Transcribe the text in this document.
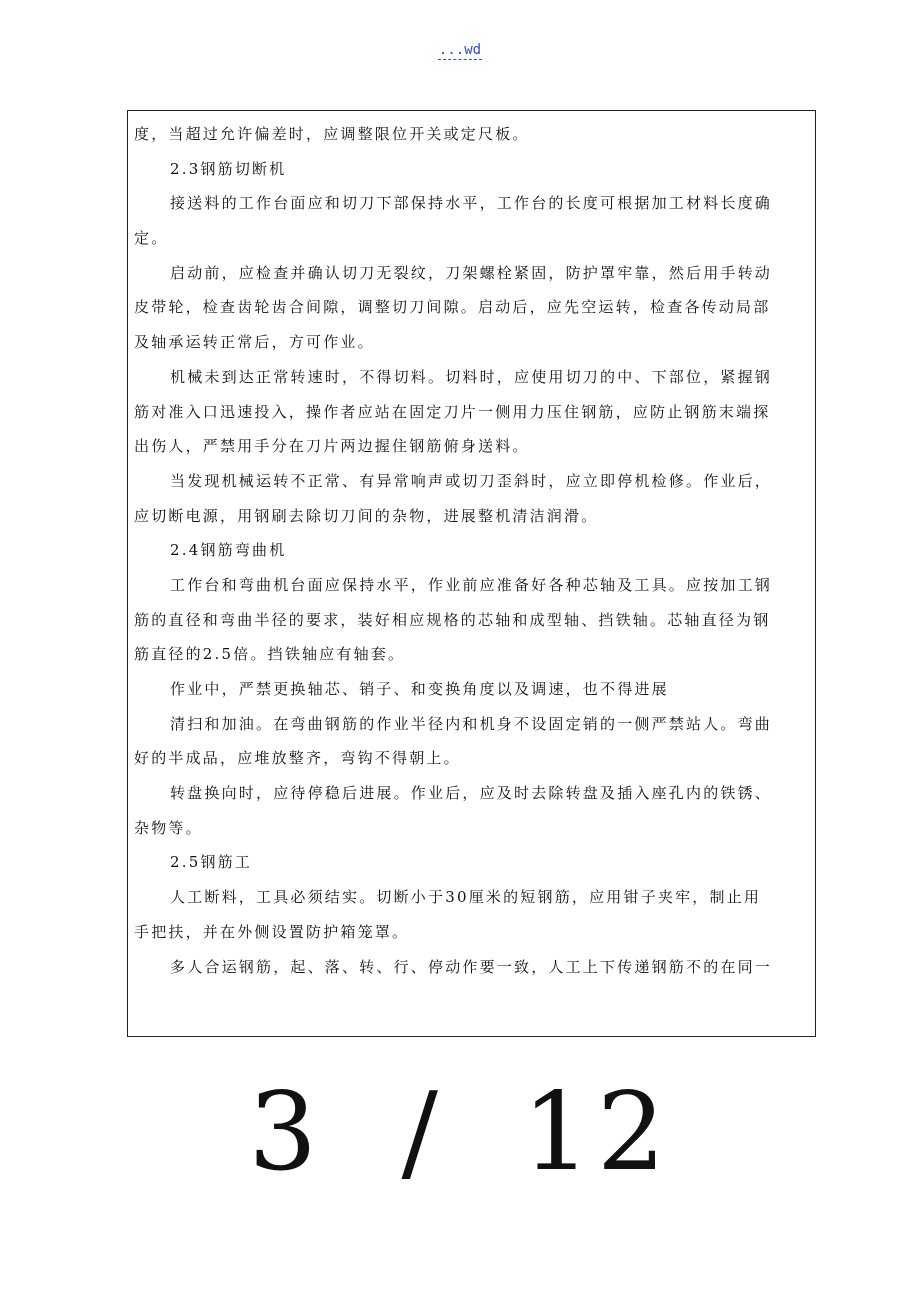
...wd
度，当超过允许偏差时，应调整限位开关或定尺板。
2.3钢筋切断机
接送料的工作台面应和切刀下部保持水平，工作台的长度可根据加工材料长度确
定。
启动前，应检查并确认切刀无裂纹，刀架螺栓紧固，防护罩牢靠，然后用手转动
皮带轮，检查齿轮齿合间隙，调整切刀间隙。启动后，应先空运转，检查各传动局部
及轴承运转正常后，方可作业。
机械未到达正常转速时，不得切料。切料时，应使用切刀的中、下部位，紧握钢
筋对准入口迅速投入，操作者应站在固定刀片一侧用力压住钢筋，应防止钢筋末端探
出伤人，严禁用手分在刀片两边握住钢筋俯身送料。
当发现机械运转不正常、有异常响声或切刀歪斜时，应立即停机检修。作业后，
应切断电源，用钢刷去除切刀间的杂物，进展整机清洁润滑。
2.4钢筋弯曲机
工作台和弯曲机台面应保持水平，作业前应准备好各种芯轴及工具。应按加工钢
筋的直径和弯曲半径的要求，装好相应规格的芯轴和成型轴、挡铁轴。芯轴直径为钢
筋直径的2.5倍。挡铁轴应有轴套。
作业中，严禁更换轴芯、销子、和变换角度以及调速，也不得进展
清扫和加油。在弯曲钢筋的作业半径内和机身不设固定销的一侧严禁站人。弯曲
好的半成品，应堆放整齐，弯钩不得朝上。
转盘换向时，应待停稳后进展。作业后，应及时去除转盘及插入座孔内的铁锈、
杂物等。
2.5钢筋工
人工断料，工具必须结实。切断小于30厘米的短钢筋，应用钳子夹牢，制止用
手把扶，并在外侧设置防护箱笼罩。
多人合运钢筋，起、落、转、行、停动作要一致，人工上下传递钢筋不的在同一
3 / 12
